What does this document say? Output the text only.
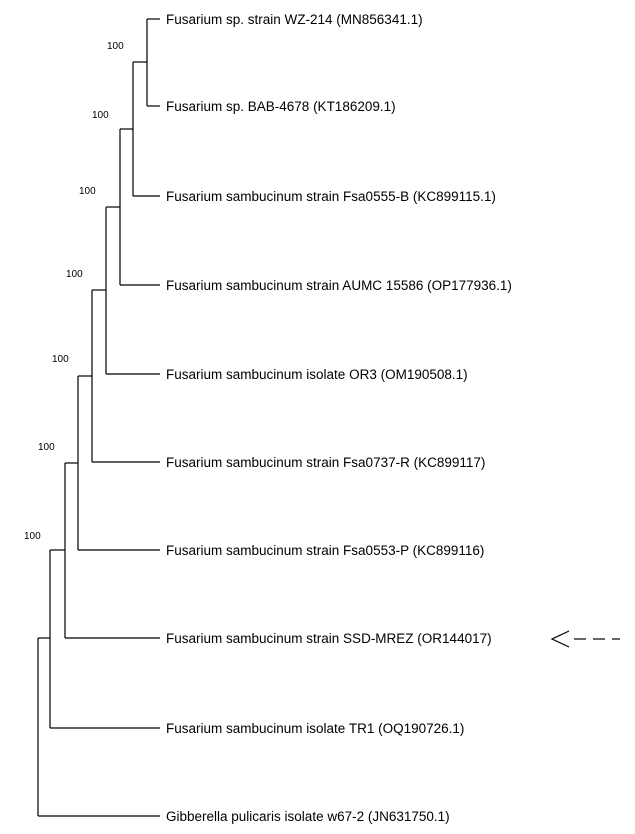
100
100
100
100
100
100
100
Fusarium sp. strain WZ-214 (MN856341.1)
Fusarium sp. BAB-4678 (KT186209.1)
Fusarium sambucinum strain Fsa0555-B (KC899115.1)
Fusarium sambucinum strain AUMC 15586 (OP177936.1)
Fusarium sambucinum isolate OR3 (OM190508.1)
Fusarium sambucinum strain Fsa0737-R (KC899117)
Fusarium sambucinum strain Fsa0553-P (KC899116)
Fusarium sambucinum strain SSD-MREZ (OR144017)
Fusarium sambucinum isolate TR1 (OQ190726.1)
Gibberella pulicaris isolate w67-2 (JN631750.1)
